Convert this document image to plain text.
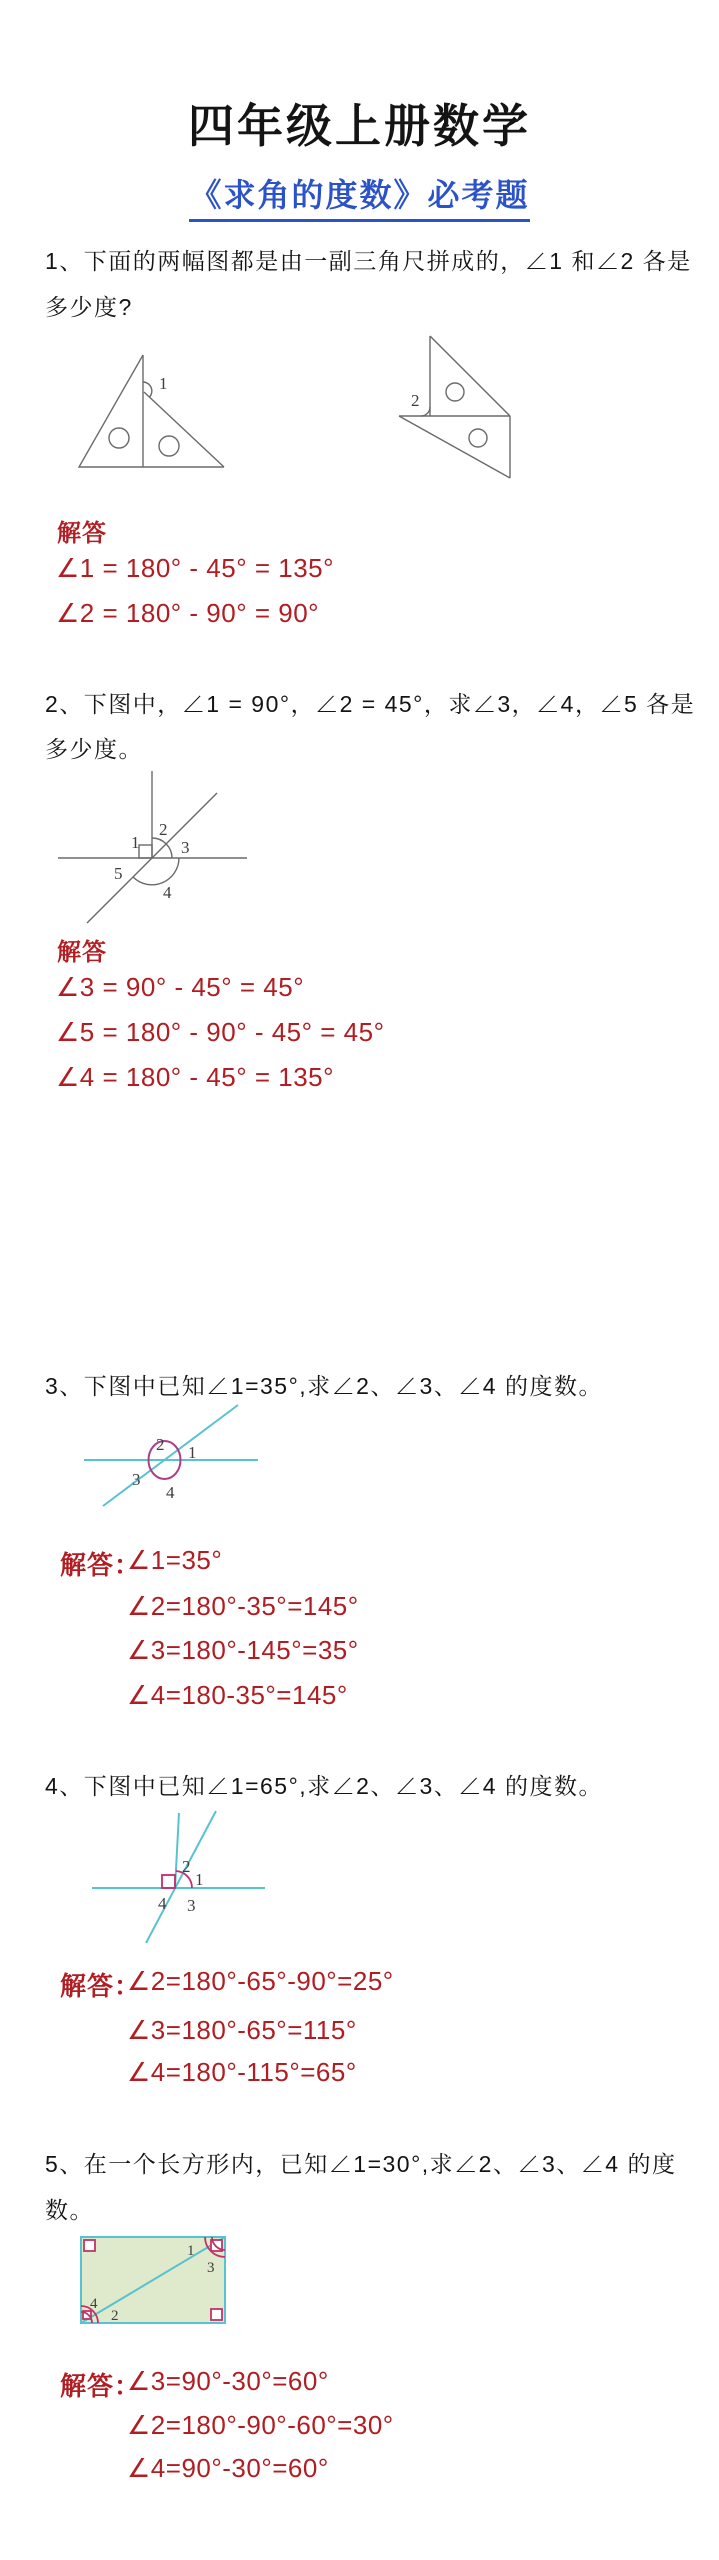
四年级上册数学
《求角的度数》必考题
1、下面的两幅图都是由一副三角尺拼成的，∠1 和∠2 各是
多少度?
1
2
解答
∠1 = 180° - 45° = 135°
∠2 = 180° - 90° = 90°
2、下图中，∠1 = 90°，∠2 = 45°，求∠3，∠4，∠5 各是
多少度。
1
2
3
4
5
解答
∠3 = 90° - 45° = 45°
∠5 = 180° - 90° - 45° = 45°
∠4 = 180° - 45° = 135°
3、下图中已知∠1=35°,求∠2、∠3、∠4 的度数。
1
2
3
4
解答：
∠1=35°
∠2=180°-35°=145°
∠3=180°-145°=35°
∠4=180-35°=145°
4、下图中已知∠1=65°,求∠2、∠3、∠4 的度数。
2
1
4 3
解答：
∠2=180°-65°-90°=25°
∠3=180°-65°=115°
∠4=180°-115°=65°
5、在一个长方形内，已知∠1=30°,求∠2、∠3、∠4 的度
数。
1
3
4
2
解答：
∠3=90°-30°=60°
∠2=180°-90°-60°=30°
∠4=90°-30°=60°
